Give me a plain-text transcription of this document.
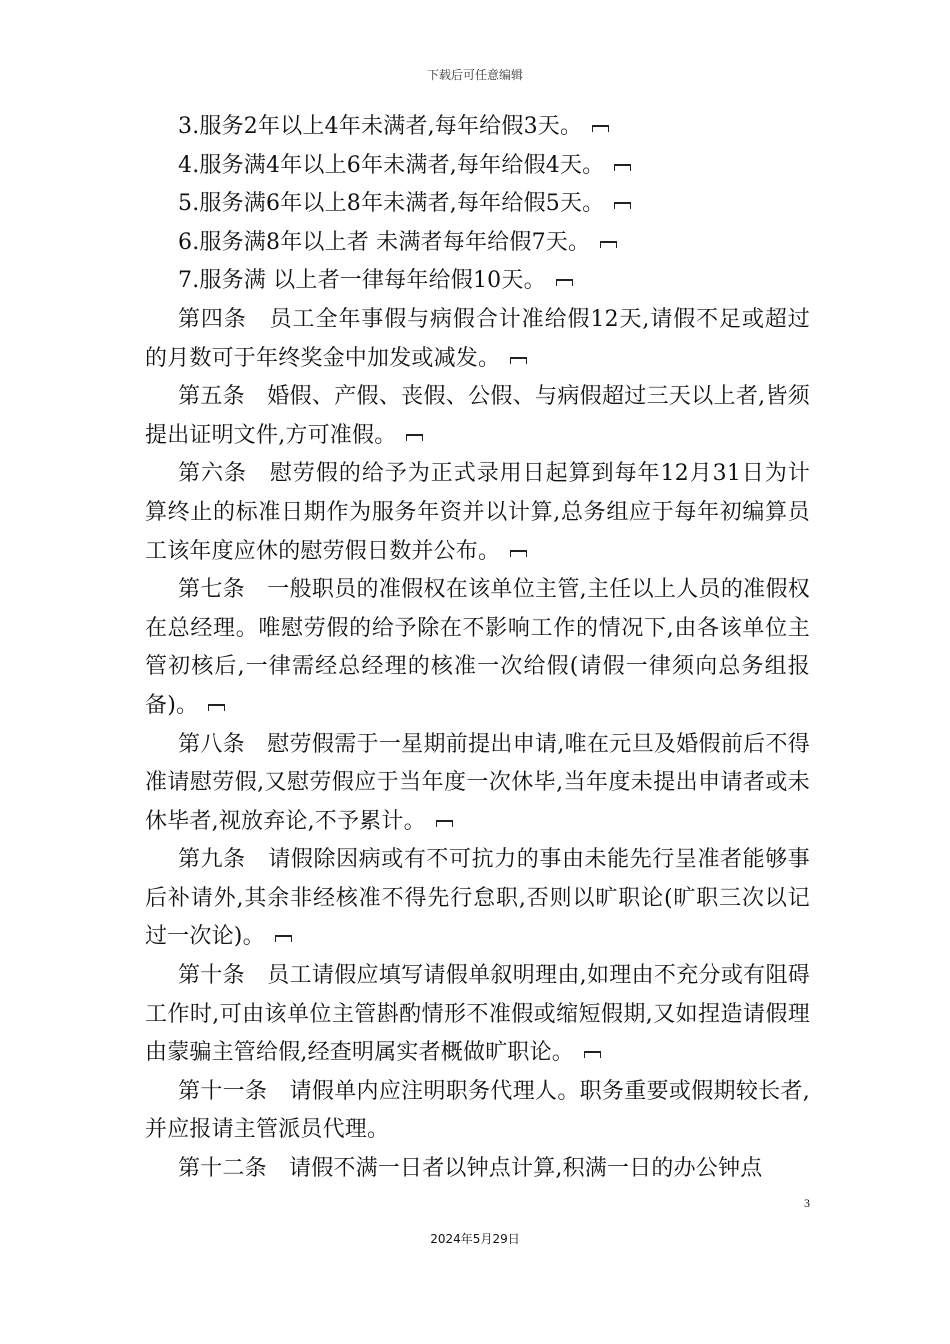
下载后可任意编辑

3.服务2年以上4年未满者,每年给假3天。

4.服务满4年以上6年未满者,每年给假4天。

5.服务满6年以上8年未满者,每年给假5天。

6.服务满8年以上者 未满者每年给假7天。

7.服务满 以上者一律每年给假10天。

第四条　员工全年事假与病假合计准给假12天,请假不足或超过的月数可于年终奖金中加发或减发。

第五条　婚假、产假、丧假、公假、与病假超过三天以上者,皆须提出证明文件,方可准假。

第六条　慰劳假的给予为正式录用日起算到每年12月31日为计算终止的标准日期作为服务年资并以计算,总务组应于每年初编算员工该年度应休的慰劳假日数并公布。

第七条　一般职员的准假权在该单位主管,主任以上人员的准假权在总经理。唯慰劳假的给予除在不影响工作的情况下,由各该单位主管初核后,一律需经总经理的核准一次给假(请假一律须向总务组报备)。

第八条　慰劳假需于一星期前提出申请,唯在元旦及婚假前后不得准请慰劳假,又慰劳假应于当年度一次休毕,当年度未提出申请者或未休毕者,视放弃论,不予累计。

第九条　请假除因病或有不可抗力的事由未能先行呈准者能够事后补请外,其余非经核准不得先行怠职,否则以旷职论(旷职三次以记过一次论)。

第十条　员工请假应填写请假单叙明理由,如理由不充分或有阻碍工作时,可由该单位主管斟酌情形不准假或缩短假期,又如捏造请假理由蒙骗主管给假,经查明属实者概做旷职论。

第十一条　请假单内应注明职务代理人。职务重要或假期较长者,并应报请主管派员代理。

第十二条　请假不满一日者以钟点计算,积满一日的办公钟点

3
2024年5月29日
